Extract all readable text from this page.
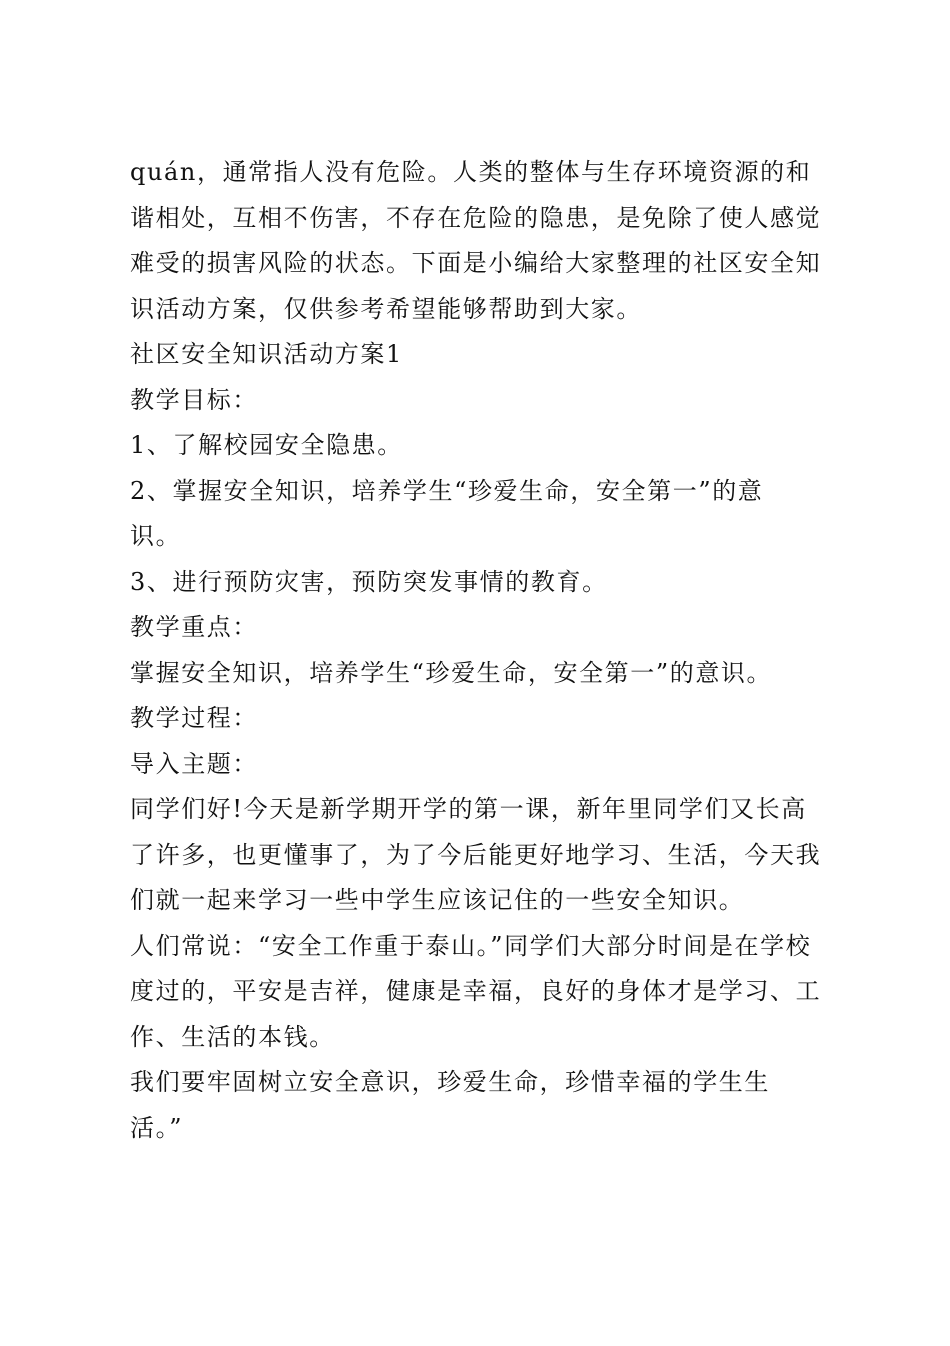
quán，通常指人没有危险。人类的整体与生存环境资源的和谐相处，互相不伤害，不存在危险的隐患，是免除了使人感觉难受的损害风险的状态。下面是小编给大家整理的社区安全知识活动方案，仅供参考希望能够帮助到大家。

社区安全知识活动方案1

教学目标：

1、了解校园安全隐患。

2、掌握安全知识，培养学生“珍爱生命，安全第一”的意识。

3、进行预防灾害，预防突发事情的教育。

教学重点：

掌握安全知识，培养学生“珍爱生命，安全第一”的意识。

教学过程：

导入主题：

同学们好!今天是新学期开学的第一课，新年里同学们又长高了许多，也更懂事了，为了今后能更好地学习、生活，今天我们就一起来学习一些中学生应该记住的一些安全知识。

人们常说：“安全工作重于泰山。”同学们大部分时间是在学校度过的，平安是吉祥，健康是幸福，良好的身体才是学习、工作、生活的本钱。

我们要牢固树立安全意识，珍爱生命，珍惜幸福的学生生活。”
